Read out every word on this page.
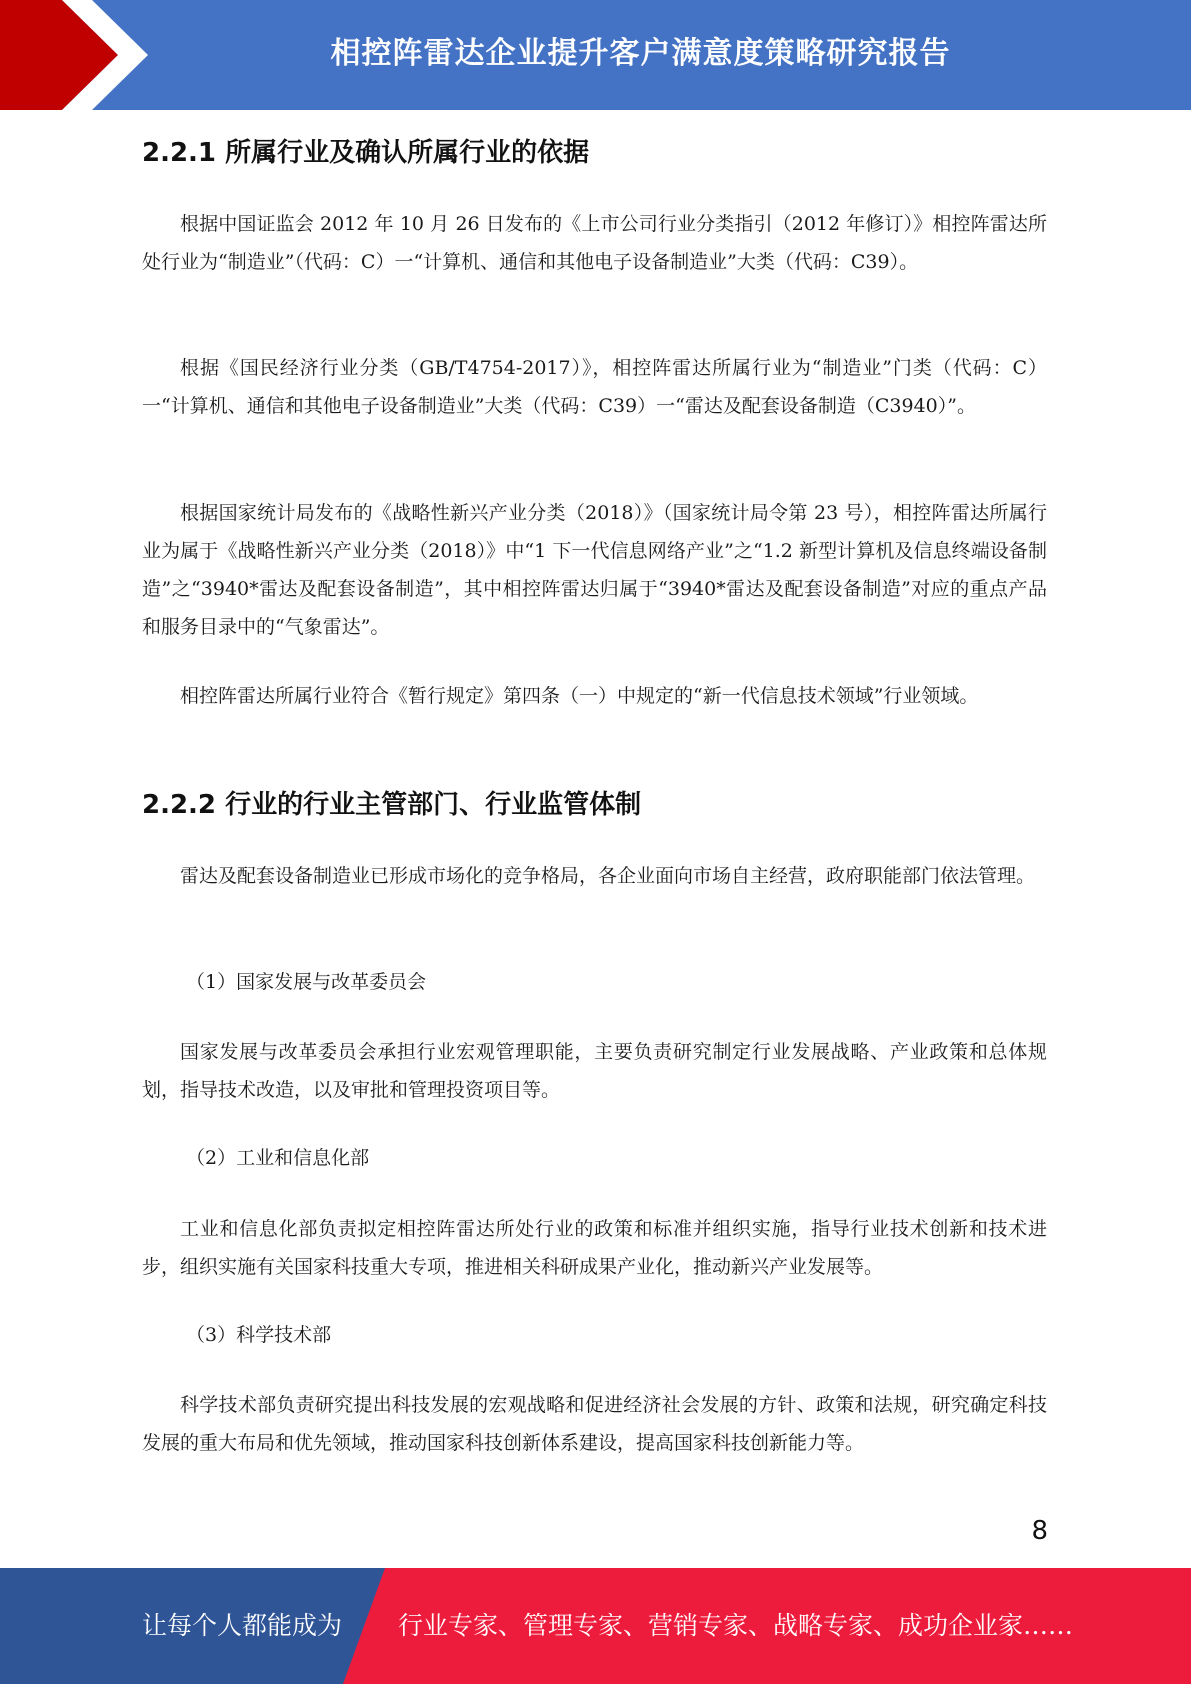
相控阵雷达企业提升客户满意度策略研究报告
2.2.1 所属行业及确认所属行业的依据
根据中国证监会 2012 年 10 月 26 日发布的《上市公司行业分类指引（2012 年修订）》相控阵雷达所处行业为“制造业”（代码：C）一“计算机、通信和其他电子设备制造业”大类（代码：C39）。
根据《国民经济行业分类（GB/T4754-2017）》，相控阵雷达所属行业为“制造业”门类（代码：C）一“计算机、通信和其他电子设备制造业”大类（代码：C39）一“雷达及配套设备制造（C3940）”。
根据国家统计局发布的《战略性新兴产业分类（2018）》（国家统计局令第 23 号），相控阵雷达所属行业为属于《战略性新兴产业分类（2018）》中“1 下一代信息网络产业”之“1.2 新型计算机及信息终端设备制造”之“3940*雷达及配套设备制造”，其中相控阵雷达归属于“3940*雷达及配套设备制造”对应的重点产品和服务目录中的“气象雷达”。
相控阵雷达所属行业符合《暂行规定》第四条（一）中规定的“新一代信息技术领域”行业领域。
2.2.2 行业的行业主管部门、行业监管体制
雷达及配套设备制造业已形成市场化的竞争格局，各企业面向市场自主经营，政府职能部门依法管理。
（1）国家发展与改革委员会
国家发展与改革委员会承担行业宏观管理职能，主要负责研究制定行业发展战略、产业政策和总体规划，指导技术改造，以及审批和管理投资项目等。
（2）工业和信息化部
工业和信息化部负责拟定相控阵雷达所处行业的政策和标准并组织实施，指导行业技术创新和技术进步，组织实施有关国家科技重大专项，推进相关科研成果产业化，推动新兴产业发展等。
（3）科学技术部
科学技术部负责研究提出科技发展的宏观战略和促进经济社会发展的方针、政策和法规，研究确定科技发展的重大布局和优先领域，推动国家科技创新体系建设，提高国家科技创新能力等。
8
让每个人都能成为 行业专家、管理专家、营销专家、战略专家、成功企业家……
